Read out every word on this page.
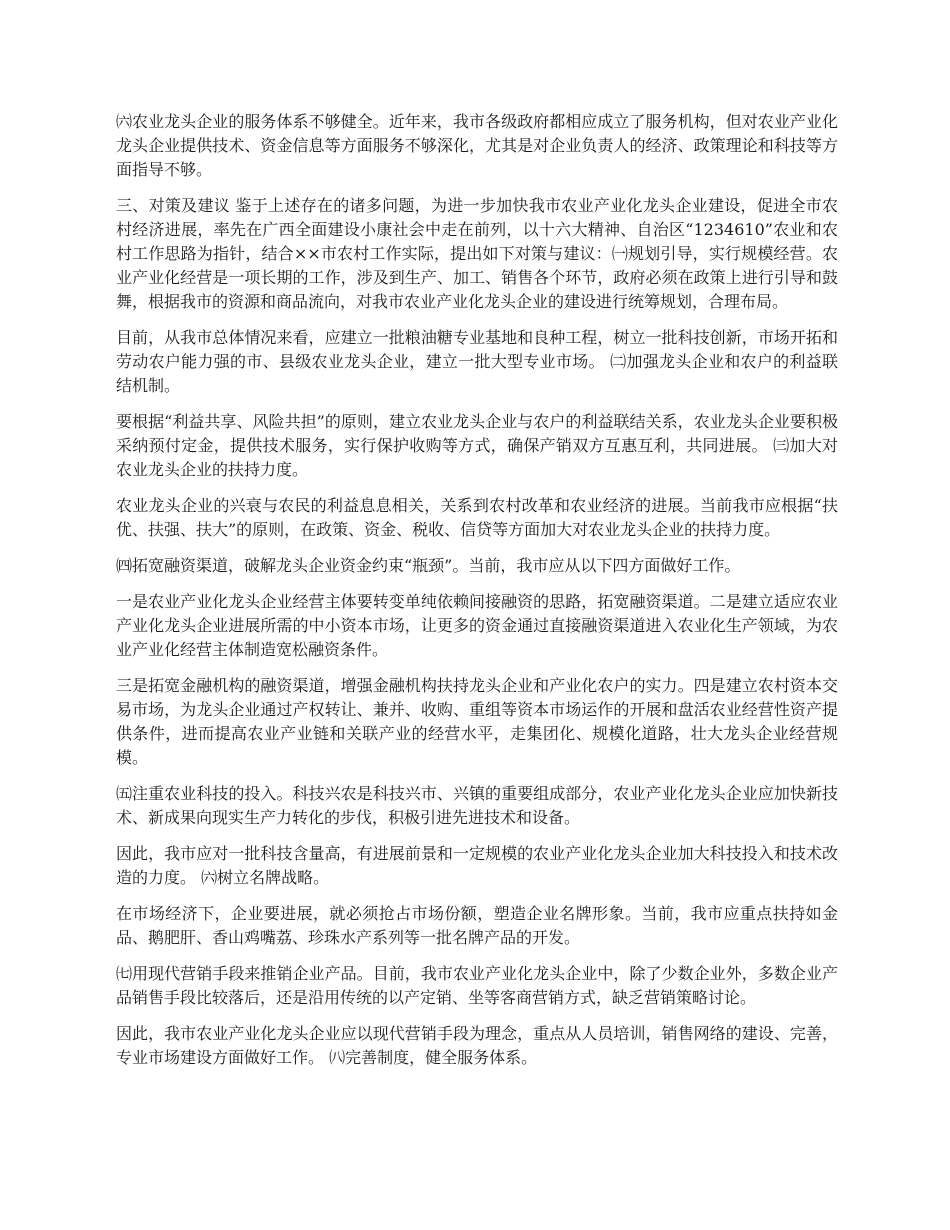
㈥农业龙头企业的服务体系不够健全。近年来，我市各级政府都相应成立了服务机构，但对农业产业化龙头企业提供技术、资金信息等方面服务不够深化，尤其是对企业负责人的经济、政策理论和科技等方面指导不够。

三、对策及建议 鉴于上述存在的诸多问题，为进一步加快我市农业产业化龙头企业建设，促进全市农村经济进展，率先在广西全面建设小康社会中走在前列，以十六大精神、自治区“1234610”农业和农村工作思路为指针，结合××市农村工作实际，提出如下对策与建议：㈠规划引导，实行规模经营。农业产业化经营是一项长期的工作，涉及到生产、加工、销售各个环节，政府必须在政策上进行引导和鼓舞，根据我市的资源和商品流向，对我市农业产业化龙头企业的建设进行统筹规划，合理布局。

目前，从我市总体情况来看，应建立一批粮油糖专业基地和良种工程，树立一批科技创新，市场开拓和劳动农户能力强的市、县级农业龙头企业，建立一批大型专业市场。 ㈡加强龙头企业和农户的利益联结机制。

要根据“利益共享、风险共担”的原则，建立农业龙头企业与农户的利益联结关系，农业龙头企业要积极采纳预付定金，提供技术服务，实行保护收购等方式，确保产销双方互惠互利，共同进展。 ㈢加大对农业龙头企业的扶持力度。

农业龙头企业的兴衰与农民的利益息息相关，关系到农村改革和农业经济的进展。当前我市应根据“扶优、扶强、扶大”的原则，在政策、资金、税收、信贷等方面加大对农业龙头企业的扶持力度。

㈣拓宽融资渠道，破解龙头企业资金约束“瓶颈”。当前，我市应从以下四方面做好工作。

一是农业产业化龙头企业经营主体要转变单纯依赖间接融资的思路，拓宽融资渠道。二是建立适应农业产业化龙头企业进展所需的中小资本市场，让更多的资金通过直接融资渠道进入农业化生产领域，为农业产业化经营主体制造宽松融资条件。

三是拓宽金融机构的融资渠道，增强金融机构扶持龙头企业和产业化农户的实力。四是建立农村资本交易市场，为龙头企业通过产权转让、兼并、收购、重组等资本市场运作的开展和盘活农业经营性资产提供条件，进而提高农业产业链和关联产业的经营水平，走集团化、规模化道路，壮大龙头企业经营规模。

㈤注重农业科技的投入。科技兴农是科技兴市、兴镇的重要组成部分，农业产业化龙头企业应加快新技术、新成果向现实生产力转化的步伐，积极引进先进技术和设备。

因此，我市应对一批科技含量高，有进展前景和一定规模的农业产业化龙头企业加大科技投入和技术改造的力度。 ㈥树立名牌战略。

在市场经济下，企业要进展，就必须抢占市场份额，塑造企业名牌形象。当前，我市应重点扶持如金品、鹅肥肝、香山鸡嘴荔、珍珠水产系列等一批名牌产品的开发。

㈦用现代营销手段来推销企业产品。目前，我市农业产业化龙头企业中，除了少数企业外，多数企业产品销售手段比较落后，还是沿用传统的以产定销、坐等客商营销方式，缺乏营销策略讨论。

因此，我市农业产业化龙头企业应以现代营销手段为理念，重点从人员培训，销售网络的建设、完善，专业市场建设方面做好工作。 ㈧完善制度，健全服务体系。
